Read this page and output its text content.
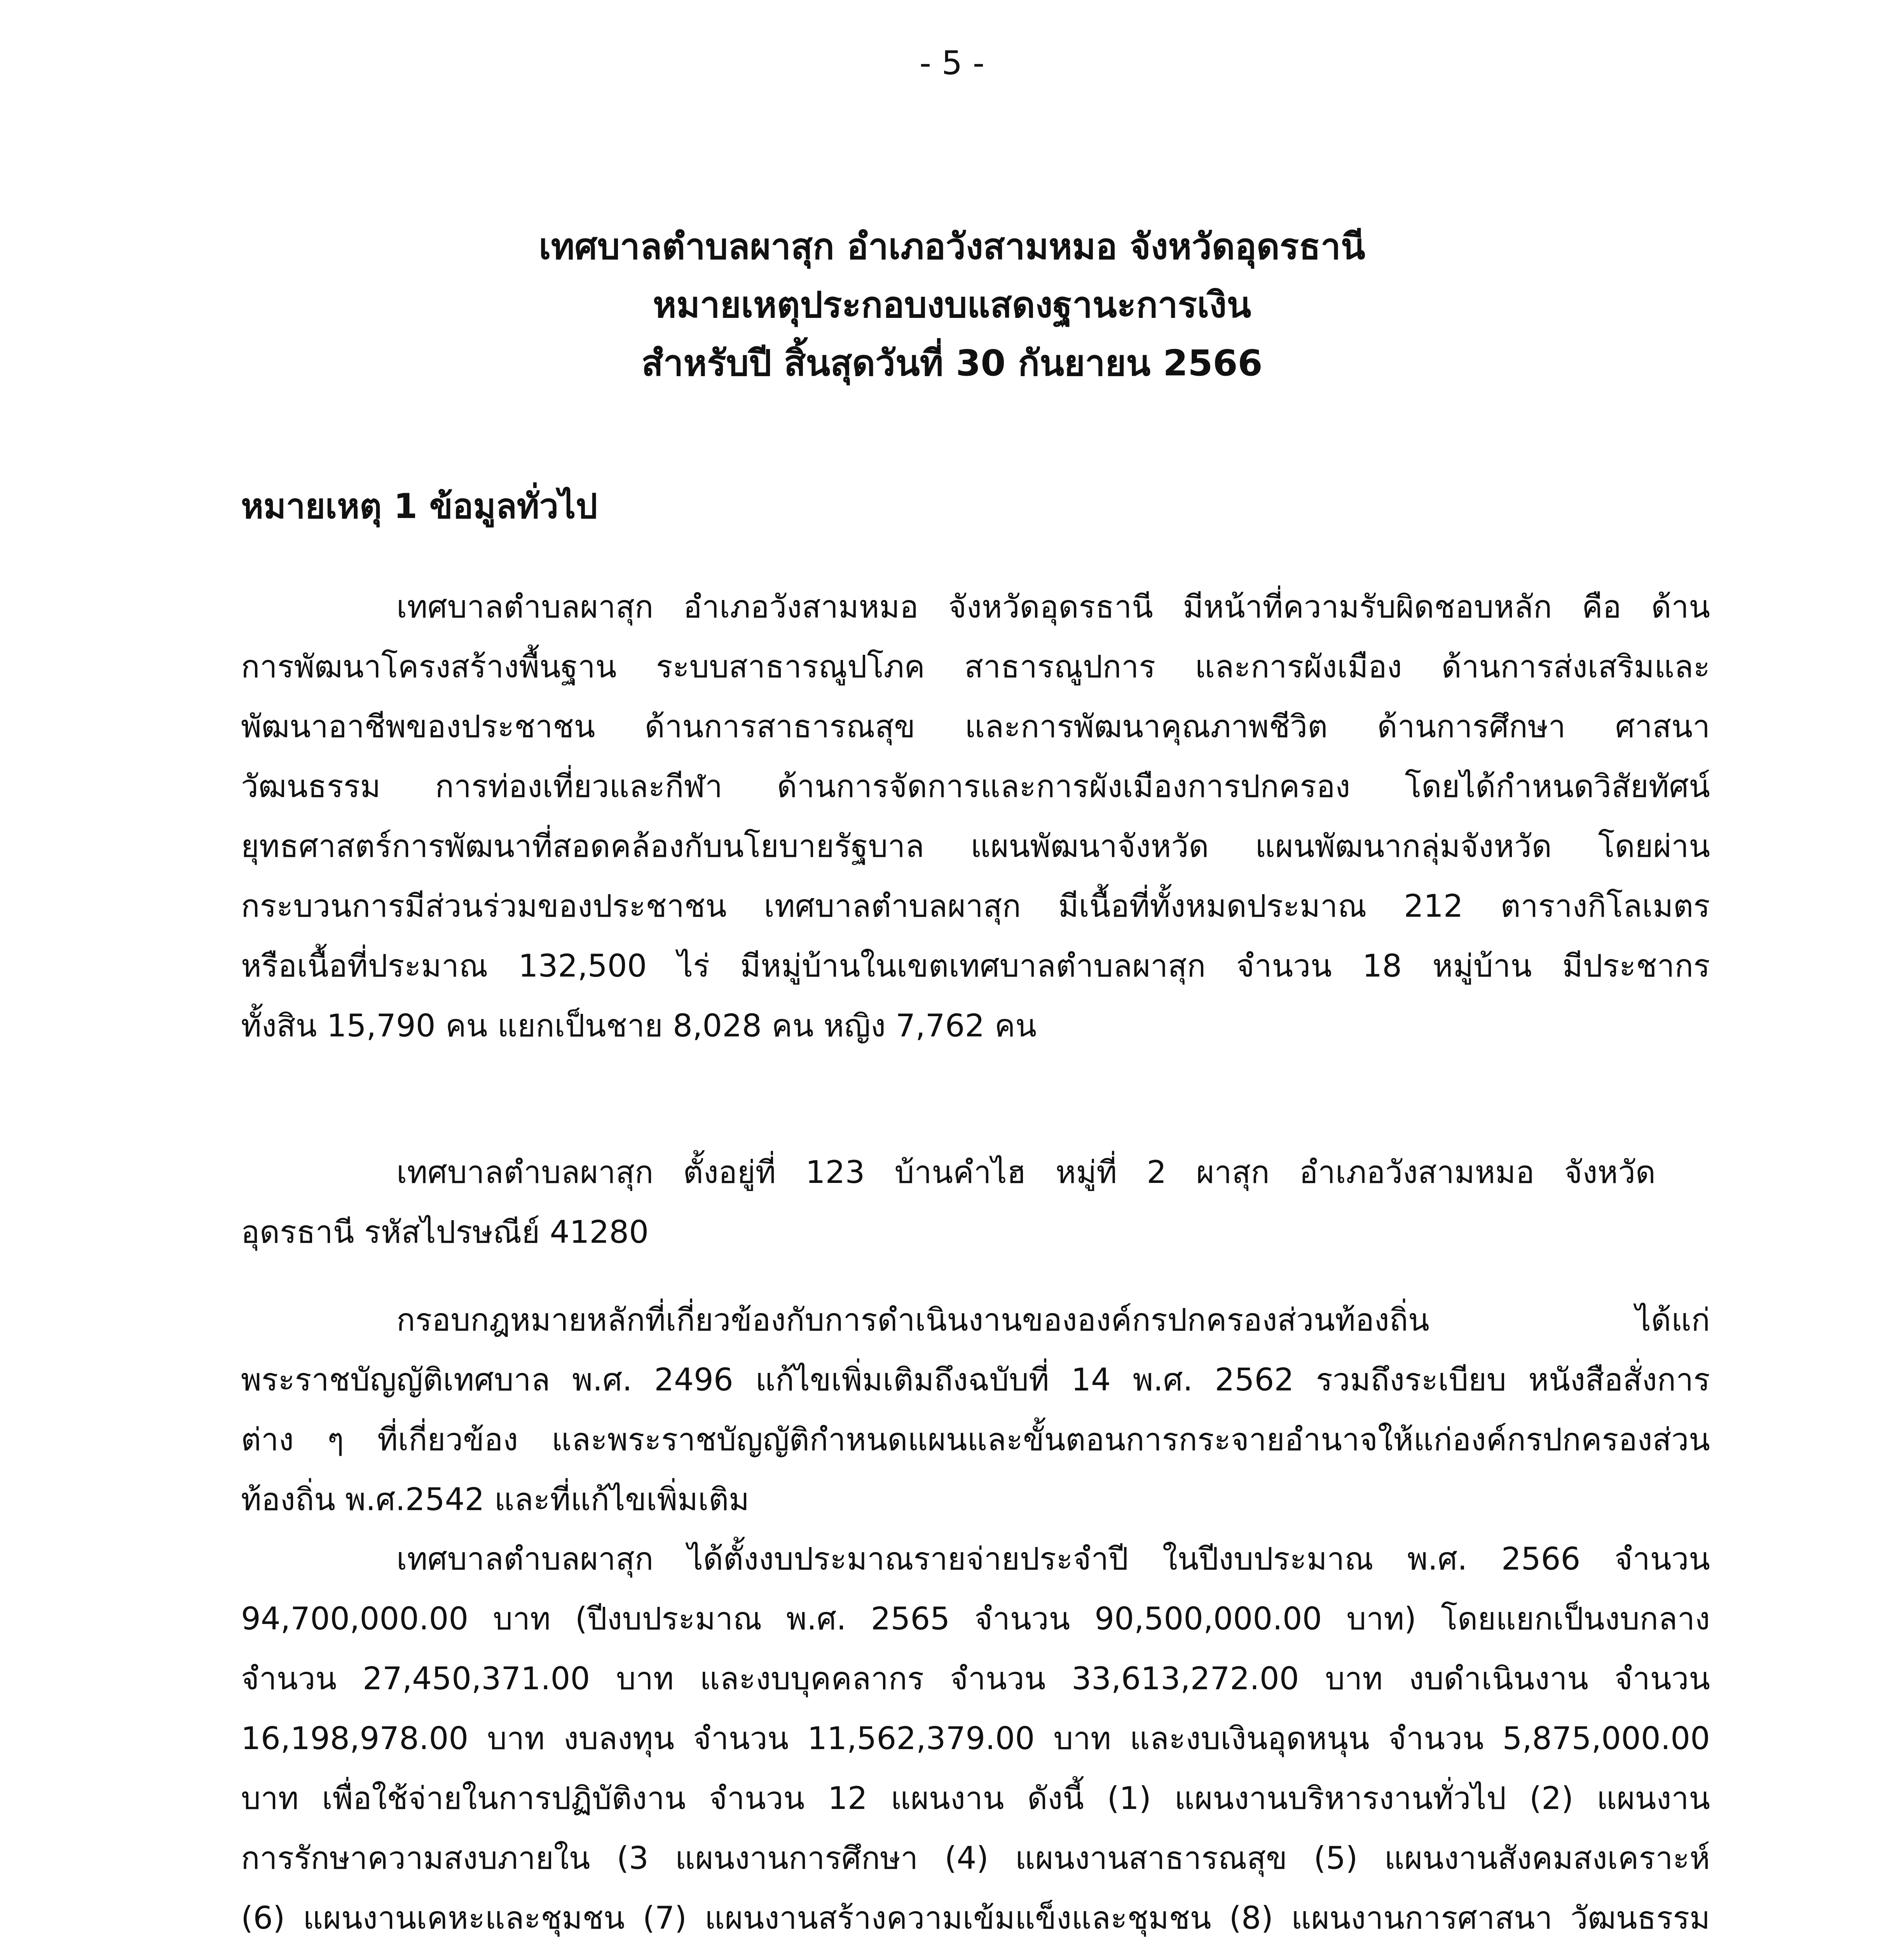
- 5 -
เทศบาลตำบลผาสุก อำเภอวังสามหมอ จังหวัดอุดรธานี
หมายเหตุประกอบงบแสดงฐานะการเงิน
สำหรับปี สิ้นสุดวันที่ 30 กันยายน 2566
หมายเหตุ 1 ข้อมูลทั่วไป
เทศบาลตำบลผาสุก อำเภอวังสามหมอ จังหวัดอุดรธานี มีหน้าที่ความรับผิดชอบหลัก คือ ด้าน
การพัฒนาโครงสร้างพื้นฐาน ระบบสาธารณูปโภค สาธารณูปการ และการผังเมือง ด้านการส่งเสริมและ
พัฒนาอาชีพของประชาชน ด้านการสาธารณสุข และการพัฒนาคุณภาพชีวิต ด้านการศึกษา ศาสนา
วัฒนธรรม การท่องเที่ยวและกีฬา ด้านการจัดการและการผังเมืองการปกครอง โดยได้กำหนดวิสัยทัศน์
ยุทธศาสตร์การพัฒนาที่สอดคล้องกับนโยบายรัฐบาล แผนพัฒนาจังหวัด แผนพัฒนากลุ่มจังหวัด โดยผ่าน
กระบวนการมีส่วนร่วมของประชาชน เทศบาลตำบลผาสุก มีเนื้อที่ทั้งหมดประมาณ 212 ตารางกิโลเมตร
หรือเนื้อที่ประมาณ 132,500 ไร่ มีหมู่บ้านในเขตเทศบาลตำบลผาสุก จำนวน 18 หมู่บ้าน มีประชากร
ทั้งสิน 15,790 คน แยกเป็นชาย 8,028 คน หญิง 7,762 คน
เทศบาลตำบลผาสุก ตั้งอยู่ที่ 123 บ้านคำไฮ หมู่ที่ 2 ผาสุก อำเภอวังสามหมอ จังหวัด
อุดรธานี รหัสไปรษณีย์ 41280
กรอบกฎหมายหลักที่เกี่ยวข้องกับการดำเนินงานขององค์กรปกครองส่วนท้องถิ่น ได้แก่
พระราชบัญญัติเทศบาล พ.ศ. 2496 แก้ไขเพิ่มเติมถึงฉบับที่ 14 พ.ศ. 2562 รวมถึงระเบียบ หนังสือสั่งการ
ต่าง ๆ ที่เกี่ยวข้อง และพระราชบัญญัติกำหนดแผนและขั้นตอนการกระจายอำนาจให้แก่องค์กรปกครองส่วน
ท้องถิ่น พ.ศ.2542 และที่แก้ไขเพิ่มเติม
เทศบาลตำบลผาสุก ได้ตั้งงบประมาณรายจ่ายประจำปี ในปีงบประมาณ พ.ศ. 2566 จำนวน
94,700,000.00 บาท (ปีงบประมาณ พ.ศ. 2565 จำนวน 90,500,000.00 บาท) โดยแยกเป็นงบกลาง
จำนวน 27,450,371.00 บาท และงบบุคคลากร จำนวน 33,613,272.00 บาท งบดำเนินงาน จำนวน
16,198,978.00 บาท งบลงทุน จำนวน 11,562,379.00 บาท และงบเงินอุดหนุน จำนวน 5,875,000.00
บาท เพื่อใช้จ่ายในการปฏิบัติงาน จำนวน 12 แผนงาน ดังนี้ (1) แผนงานบริหารงานทั่วไป (2) แผนงาน
การรักษาความสงบภายใน (3 แผนงานการศึกษา (4) แผนงานสาธารณสุข (5) แผนงานสังคมสงเคราะห์
(6) แผนงานเคหะและชุมชน (7) แผนงานสร้างความเข้มแข็งและชุมชน (8) แผนงานการศาสนา วัฒนธรรม
